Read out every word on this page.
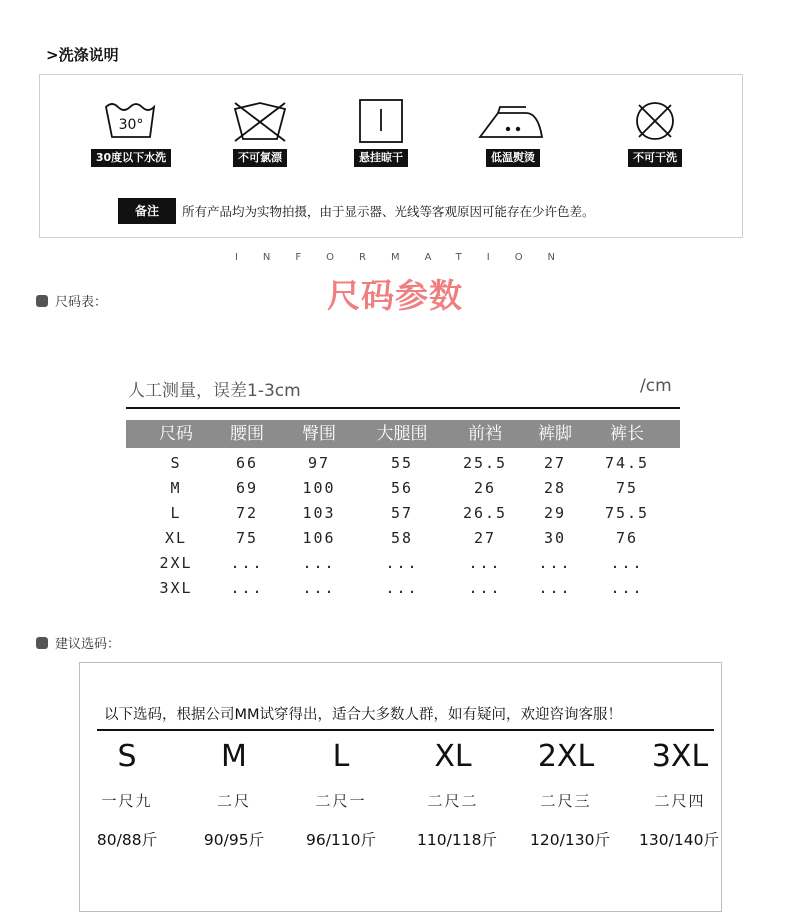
>洗涤说明
30°
30度以下水洗	不可氯漂	悬挂晾干	低温熨烫	不可干洗
备注	所有产品均为实物拍摄，由于显示器、光线等客观原因可能存在少许色差。
INFORMATION
尺码表：	尺码参数
人工测量，误差1-3cm	/cm
尺码	腰围	臀围	大腿围	前裆	裤脚	裤长
S	66	97	55	25.5	27	74.5
M	69	100	56	26	28	75
L	72	103	57	26.5	29	75.5
XL	75	106	58	27	30	76
2XL	...	...	...	...	...	...
3XL	...	...	...	...	...	...
建议选码：
以下选码，根据公司MM试穿得出，适合大多数人群，如有疑问，欢迎咨询客服！
S	M	L	XL	2XL	3XL
一尺九	二尺	二尺一	二尺二	二尺三	二尺四
80/88斤	90/95斤	96/110斤	110/118斤	120/130斤	130/140斤
